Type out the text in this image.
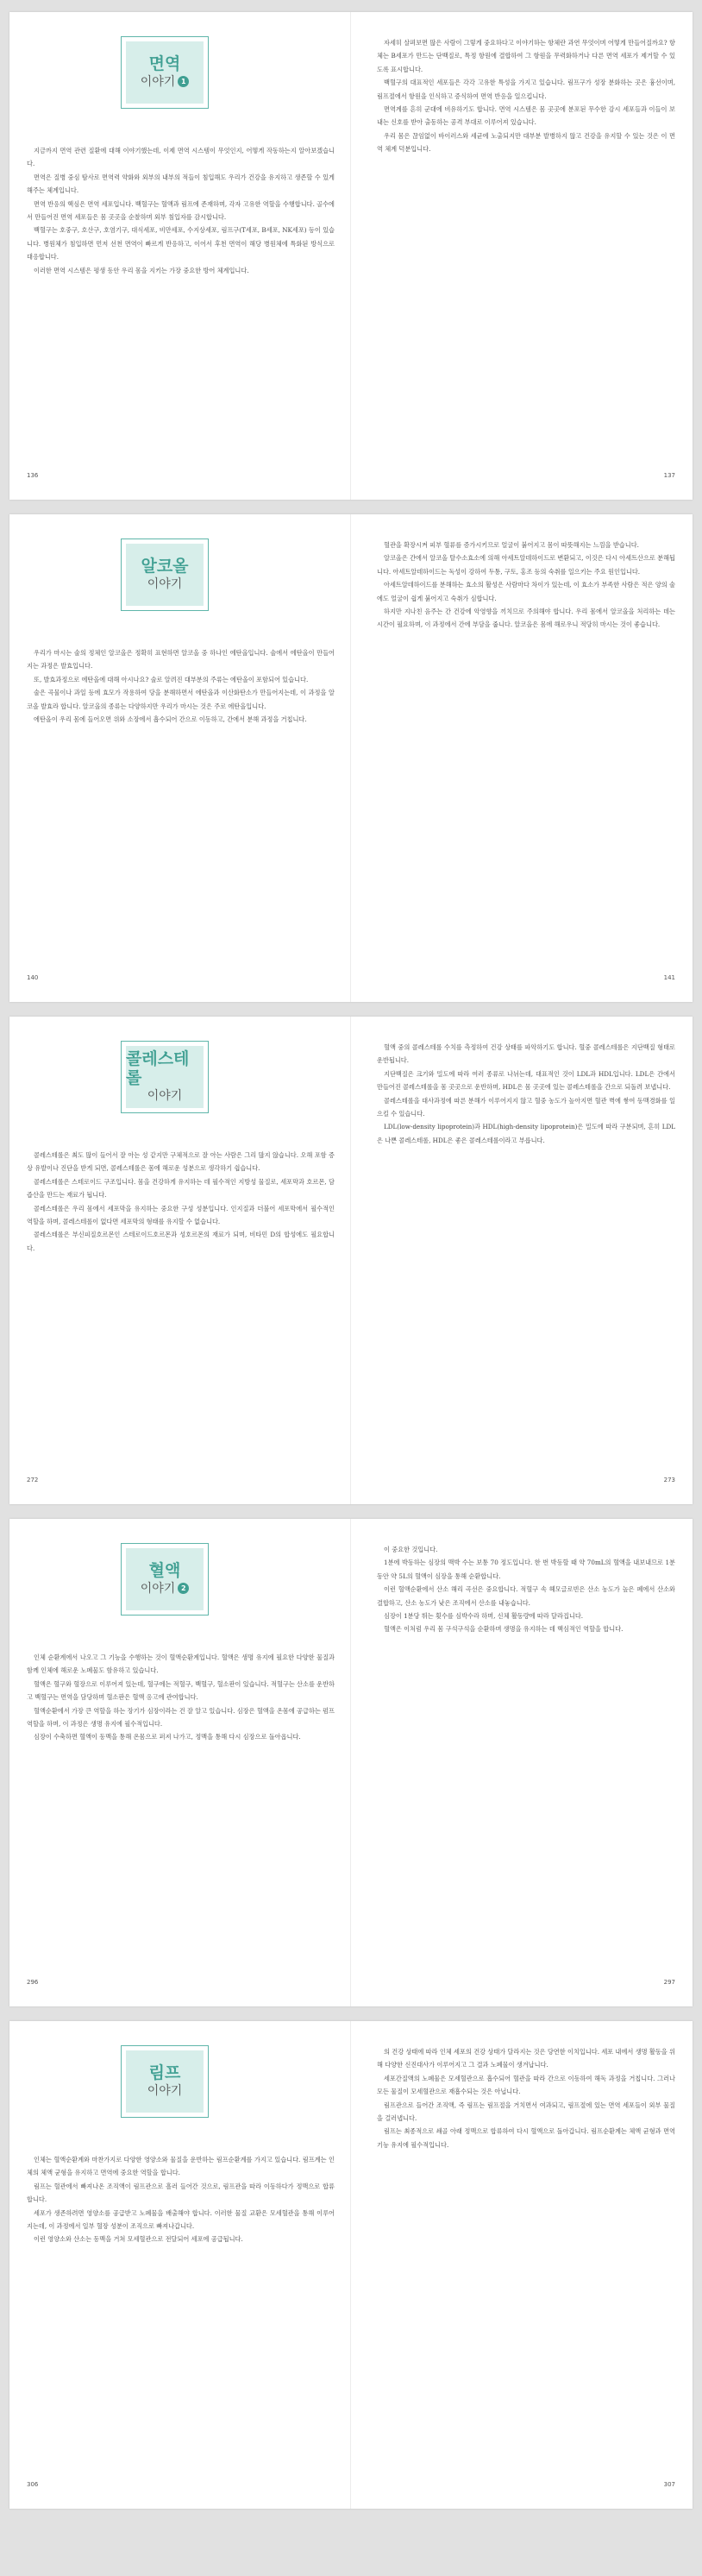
면역
이야기 1

지금까지 면역 관련 질환에 대해 이야기했는데, 이제 면역 시스템이 무엇인지, 어떻게 작동하는지 알아보겠습니다.

면역은 질병 중심 탐사로 면역력 약화와 외부의 내부의 적들이 침입해도 우리가 건강을 유지하고 생존할 수 있게 해주는 체계입니다.

면역 반응의 핵심은 면역 세포입니다. 백혈구는 혈액과 림프에 존재하며, 각자 고유한 역할을 수행합니다. 골수에서 만들어진 면역 세포들은 몸 곳곳을 순찰하며 외부 침입자를 감시합니다.

백혈구는 호중구, 호산구, 호염기구, 대식세포, 비만세포, 수지상세포, 림프구(T세포, B세포, NK세포) 등이 있습니다. 병원체가 침입하면 먼저 선천 면역이 빠르게 반응하고, 이어서 후천 면역이 해당 병원체에 특화된 방식으로 대응합니다.

이러한 면역 시스템은 평생 동안 우리 몸을 지키는 가장 중요한 방어 체계입니다.

136

자세히 살펴보면 많은 사람이 그렇게 중요하다고 이야기하는 항체란 과연 무엇이며 어떻게 만들어질까요? 항체는 B세포가 만드는 단백질로, 특정 항원에 결합하여 그 항원을 무력화하거나 다른 면역 세포가 제거할 수 있도록 표시합니다.

백혈구의 대표적인 세포들은 각각 고유한 특성을 가지고 있습니다. 림프구가 성장 분화하는 곳은 흉선이며, 림프절에서 항원을 인식하고 증식하여 면역 반응을 일으킵니다.

면역계를 흔히 군대에 비유하기도 합니다. 면역 시스템은 몸 곳곳에 분포된 무수한 감시 세포들과 이들이 보내는 신호를 받아 출동하는 공격 부대로 이루어져 있습니다.

우리 몸은 끊임없이 바이러스와 세균에 노출되지만 대부분 발병하지 않고 건강을 유지할 수 있는 것은 이 면역 체계 덕분입니다.

137
알코올
이야기

우리가 마시는 술의 정체인 알코올은 정확히 표현하면 알코올 중 하나인 에탄올입니다. 술에서 에탄올이 만들어지는 과정은 발효입니다.

또, 발효과정으로 에탄올에 대해 아시나요? 술로 알려진 대부분의 주류는 에탄올이 포함되어 있습니다.

술은 곡물이나 과일 등에 효모가 작용하여 당을 분해하면서 에탄올과 이산화탄소가 만들어지는데, 이 과정을 알코올 발효라 합니다. 알코올의 종류는 다양하지만 우리가 마시는 것은 주로 에탄올입니다.

에탄올이 우리 몸에 들어오면 위와 소장에서 흡수되어 간으로 이동하고, 간에서 분해 과정을 거칩니다.

140

혈관을 확장시켜 피부 혈류를 증가시키므로 얼굴이 붉어지고 몸이 따뜻해지는 느낌을 받습니다.

알코올은 간에서 알코올 탈수소효소에 의해 아세트알데하이드로 변환되고, 이것은 다시 아세트산으로 분해됩니다. 아세트알데하이드는 독성이 강하여 두통, 구토, 홍조 등의 숙취를 일으키는 주요 원인입니다.

아세트알데하이드를 분해하는 효소의 활성은 사람마다 차이가 있는데, 이 효소가 부족한 사람은 적은 양의 술에도 얼굴이 쉽게 붉어지고 숙취가 심합니다.

하지만 지나친 음주는 간 건강에 악영향을 끼치므로 주의해야 합니다. 우리 몸에서 알코올을 처리하는 데는 시간이 필요하며, 이 과정에서 간에 부담을 줍니다. 알코올은 몸에 해로우니 적당히 마시는 것이 좋습니다.

141
콜레스테롤
이야기

콜레스테롤은 최도 많이 들어서 잘 아는 성 같지만 구체적으로 잘 아는 사람은 그리 많지 않습니다. 오해 포함 증상 유발이나 진단을 받게 되면, 콜레스테롤은 몸에 해로운 성분으로 생각하기 쉽습니다.

콜레스테롤은 스테로이드 구조입니다. 몸을 건강하게 유지하는 데 필수적인 지방성 물질로, 세포막과 호르몬, 담즙산을 만드는 재료가 됩니다.

콜레스테롤은 우리 몸에서 세포막을 유지하는 중요한 구성 성분입니다. 인지질과 더불어 세포막에서 필수적인 역할을 하며, 콜레스테롤이 없다면 세포막의 형태를 유지할 수 없습니다.

콜레스테롤은 부신피질호르몬인 스테로이드호르몬과 성호르몬의 재료가 되며, 비타민 D의 합성에도 필요합니다.

272

혈액 중의 콜레스테롤 수치를 측정하여 건강 상태를 파악하기도 합니다. 혈중 콜레스테롤은 지단백질 형태로 운반됩니다.

지단백질은 크기와 밀도에 따라 여러 종류로 나뉘는데, 대표적인 것이 LDL과 HDL입니다. LDL은 간에서 만들어진 콜레스테롤을 몸 곳곳으로 운반하며, HDL은 몸 곳곳에 있는 콜레스테롤을 간으로 되돌려 보냅니다.

콜레스테롤을 대사과정에 따른 분해가 이루어지지 않고 혈중 농도가 높아지면 혈관 벽에 쌓여 동맥경화를 일으킬 수 있습니다.

LDL(low-density lipoprotein)과 HDL(high-density lipoprotein)은 밀도에 따라 구분되며, 흔히 LDL은 나쁜 콜레스테롤, HDL은 좋은 콜레스테롤이라고 부릅니다.

273
혈액
이야기 2

인체 순환계에서 나오고 그 기능을 수행하는 것이 혈액순환계입니다. 혈액은 생명 유지에 필요한 다양한 물질과 함께 인체에 해로운 노폐물도 함유하고 있습니다.

혈액은 혈구와 혈장으로 이루어져 있는데, 혈구에는 적혈구, 백혈구, 혈소판이 있습니다. 적혈구는 산소를 운반하고 백혈구는 면역을 담당하며 혈소판은 혈액 응고에 관여합니다.

혈액순환에서 가장 큰 역할을 하는 장기가 심장이라는 건 잘 알고 있습니다. 심장은 혈액을 온몸에 공급하는 펌프 역할을 하며, 이 과정은 생명 유지에 필수적입니다.

심장이 수축하면 혈액이 동맥을 통해 온몸으로 퍼져 나가고, 정맥을 통해 다시 심장으로 돌아옵니다.

296

이 중요한 것입니다.

1분에 박동하는 심장의 맥박 수는 보통 70 정도입니다. 한 번 박동할 때 약 70mL의 혈액을 내보내므로 1분 동안 약 5L의 혈액이 심장을 통해 순환합니다.

이런 혈액순환에서 산소 해리 곡선은 중요합니다. 적혈구 속 헤모글로빈은 산소 농도가 높은 폐에서 산소와 결합하고, 산소 농도가 낮은 조직에서 산소를 내놓습니다.

심장이 1분당 뛰는 횟수를 심박수라 하며, 신체 활동량에 따라 달라집니다.

혈액은 이처럼 우리 몸 구석구석을 순환하며 생명을 유지하는 데 핵심적인 역할을 합니다.

297
림프
이야기

인체는 혈액순환계와 마찬가지로 다양한 영양소와 물질을 운반하는 림프순환계를 가지고 있습니다. 림프계는 인체의 체액 균형을 유지하고 면역에 중요한 역할을 합니다.

림프는 혈관에서 빠져나온 조직액이 림프관으로 흘러 들어간 것으로, 림프관을 따라 이동하다가 정맥으로 합류합니다.

세포가 생존하려면 영양소를 공급받고 노폐물을 배출해야 합니다. 이러한 물질 교환은 모세혈관을 통해 이루어지는데, 이 과정에서 일부 혈장 성분이 조직으로 빠져나갑니다.

이런 영양소와 산소는 동맥을 거쳐 모세혈관으로 전달되어 세포에 공급됩니다.

306

의 건강 상태에 따라 인체 세포의 건강 상태가 달라지는 것은 당연한 이치입니다. 세포 내에서 생명 활동을 위해 다양한 신진대사가 이루어지고 그 결과 노폐물이 생겨납니다.

세포간질액의 노폐물은 모세혈관으로 흡수되어 혈관을 따라 간으로 이동하여 해독 과정을 거칩니다. 그러나 모든 물질이 모세혈관으로 재흡수되는 것은 아닙니다.

림프관으로 들어간 조직액, 즉 림프는 림프절을 거치면서 여과되고, 림프절에 있는 면역 세포들이 외부 물질을 걸러냅니다.

림프는 최종적으로 쇄골 아래 정맥으로 합류하여 다시 혈액으로 돌아갑니다. 림프순환계는 체액 균형과 면역 기능 유지에 필수적입니다.

307
